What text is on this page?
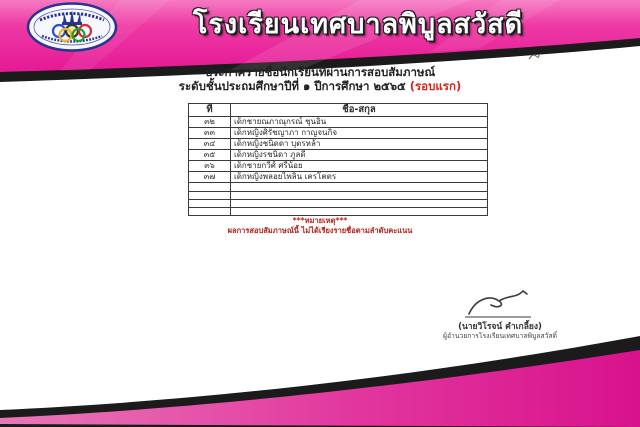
โรงเรียนเทศบาลพิบูลสวัสดี
ประกาศรายชื่อนักเรียนที่ผ่านการสอบสัมภาษณ์
ระดับชั้นประถมศึกษาปีที่ ๑ ปีการศึกษา ๒๕๖๕ (รอบแรก)
ที่	ชื่อ-สกุล
๓๒	เด็กชายณภาณุกรณ์ ชุนอิน
๓๓	เด็กหญิงศิรัชญาภา กาญจนกิจ
๓๔	เด็กหญิงชนิดดา บุตรหล้า
๓๕	เด็กหญิงรชนิดา ภูลดี
๓๖	เด็กชายกวีศ์ ศรีน้อย
๓๗	เด็กหญิงพลอยไพลิน เครโคตร

***หมายเหตุ***
ผลการสอบสัมภาษณ์นี้ ไม่ได้เรียงรายชื่อตามลำดับคะแนน
(นายวิโรจน์ คำเกลี้ยง)
ผู้อำนวยการโรงเรียนเทศบาลพิบูลสวัสดิ์
